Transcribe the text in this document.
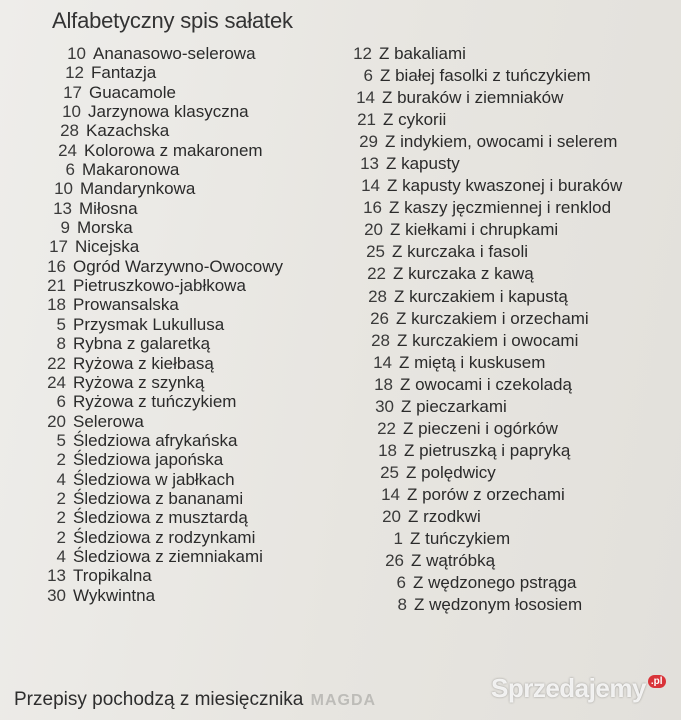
Alfabetyczny spis sałatek
10 Ananasowo-selerowa
12 Fantazja
17 Guacamole
10 Jarzynowa klasyczna
28 Kazachska
24 Kolorowa z makaronem
6 Makaronowa
10 Mandarynkowa
13 Miłosna
9 Morska
17 Nicejska
16 Ogród Warzywno-Owocowy
21 Pietruszkowo-jabłkowa
18 Prowansalska
5 Przysmak Lukullusa
8 Rybna z galaretką
22 Ryżowa z kiełbasą
24 Ryżowa z szynką
6 Ryżowa z tuńczykiem
20 Selerowa
5 Śledziowa afrykańska
2 Śledziowa japońska
4 Śledziowa w jabłkach
2 Śledziowa z bananami
2 Śledziowa z musztardą
2 Śledziowa z rodzynkami
4 Śledziowa z ziemniakami
13 Tropikalna
30 Wykwintna
12 Z bakaliami
6 Z białej fasolki z tuńczykiem
14 Z buraków i ziemniaków
21 Z cykorii
29 Z indykiem, owocami i selerem
13 Z kapusty
14 Z kapusty kwaszonej i buraków
16 Z kaszy jęczmiennej i renklod
20 Z kiełkami i chrupkami
25 Z kurczaka i fasoli
22 Z kurczaka z kawą
28 Z kurczakiem i kapustą
26 Z kurczakiem i orzechami
28 Z kurczakiem i owocami
14 Z miętą i kuskusem
18 Z owocami i czekoladą
30 Z pieczarkami
22 Z pieczeni i ogórków
18 Z pietruszką i papryką
25 Z polędwicy
14 Z porów z orzechami
20 Z rzodkwi
1 Z tuńczykiem
26 Z wątróbką
6 Z wędzonego pstrąga
8 Z wędzonym łososiem
Przepisy pochodzą z miesięcznika MAGDA	Sprzedajemy .pl
